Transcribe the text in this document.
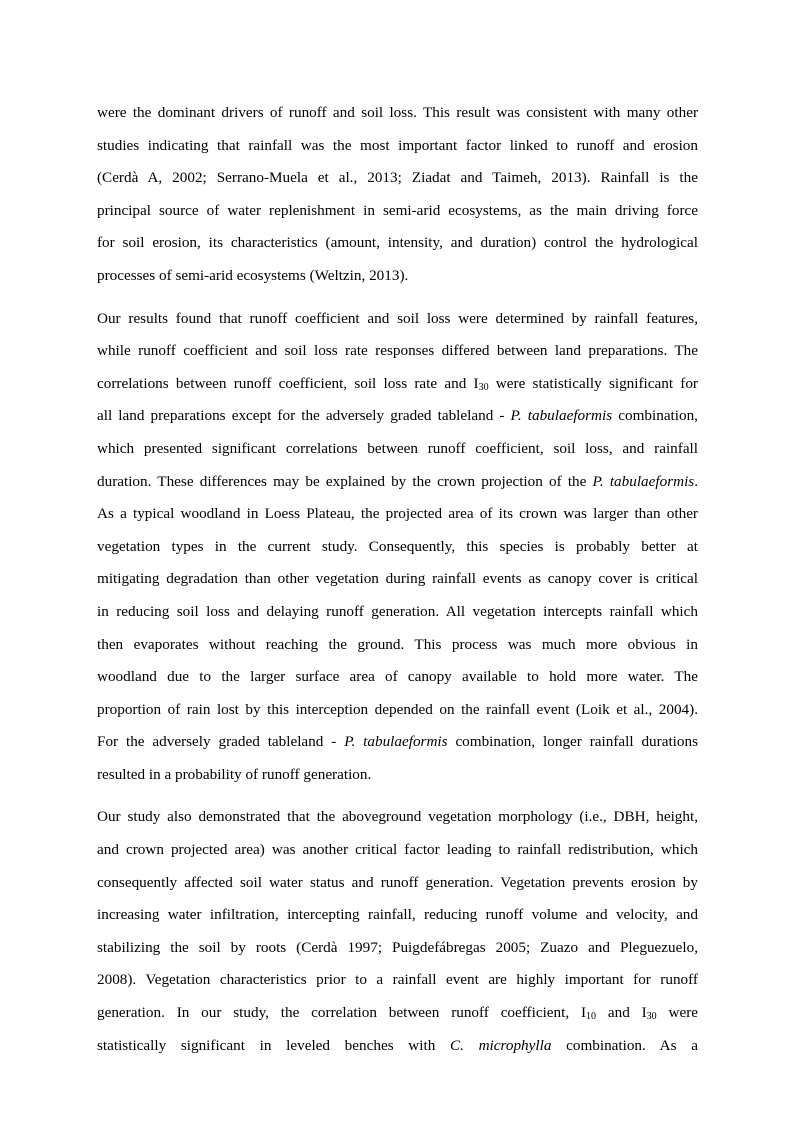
were the dominant drivers of runoff and soil loss. This result was consistent with many other
studies indicating that rainfall was the most important factor linked to runoff and erosion
(Cerdà A, 2002; Serrano-Muela et al., 2013; Ziadat and Taimeh, 2013). Rainfall is the
principal source of water replenishment in semi-arid ecosystems, as the main driving force
for soil erosion, its characteristics (amount, intensity, and duration) control the hydrological
processes of semi-arid ecosystems (Weltzin, 2013).
Our results found that runoff coefficient and soil loss were determined by rainfall features,
while runoff coefficient and soil loss rate responses differed between land preparations. The
correlations between runoff coefficient, soil loss rate and $I_{30}$ were statistically significant for
all land preparations except for the adversely graded tableland - P. tabulaeformis combination,
which presented significant correlations between runoff coefficient, soil loss, and rainfall
duration. These differences may be explained by the crown projection of the P. tabulaeformis.
As a typical woodland in Loess Plateau, the projected area of its crown was larger than other
vegetation types in the current study. Consequently, this species is probably better at
mitigating degradation than other vegetation during rainfall events as canopy cover is critical
in reducing soil loss and delaying runoff generation. All vegetation intercepts rainfall which
then evaporates without reaching the ground. This process was much more obvious in
woodland due to the larger surface area of canopy available to hold more water. The
proportion of rain lost by this interception depended on the rainfall event (Loik et al., 2004).
For the adversely graded tableland - P. tabulaeformis combination, longer rainfall durations
resulted in a probability of runoff generation.
Our study also demonstrated that the aboveground vegetation morphology (i.e., DBH, height,
and crown projected area) was another critical factor leading to rainfall redistribution, which
consequently affected soil water status and runoff generation. Vegetation prevents erosion by
increasing water infiltration, intercepting rainfall, reducing runoff volume and velocity, and
stabilizing the soil by roots (Cerdà 1997; Puigdefábregas 2005; Zuazo and Pleguezuelo,
2008). Vegetation characteristics prior to a rainfall event are highly important for runoff
generation. In our study, the correlation between runoff coefficient, $I_{10}$ and $I_{30}$ were
statistically significant in leveled benches with C. microphylla combination. As a
